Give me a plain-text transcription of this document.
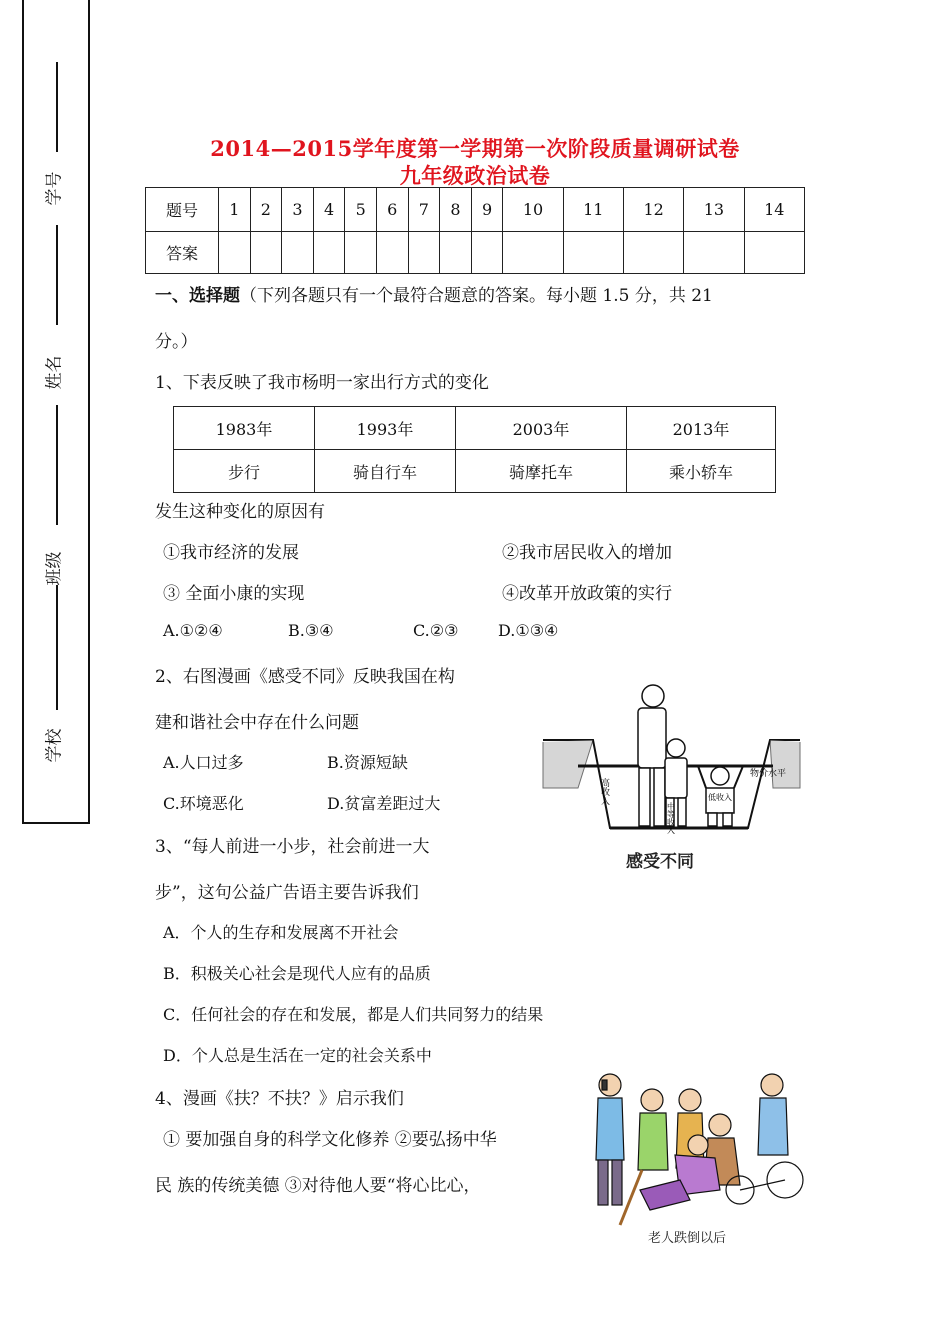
学号
姓名
班级
学校
2014—2015学年度第一学期第一次阶段质量调研试卷
九年级政治试卷
题号	1	2	3	4	5	6	7	8	9	10	11	12	13	14
答案														
一、选择题（下列各题只有一个最符合题意的答案。每小题 1.5 分，共 21
分。）
1、下表反映了我市杨明一家出行方式的变化
1983年	1993年	2003年	2013年
步行	骑自行车	骑摩托车	乘小轿车
发生这种变化的原因有
①我市经济的发展	②我市居民收入的增加
③ 全面小康的实现	④改革开放政策的实行
A.①②④	B.③④	C.②③ D.①③④
2、右图漫画《感受不同》反映我国在构
建和谐社会中存在什么问题
A.人口过多	B.资源短缺
C.环境恶化	D.贫富差距过大	高收入
中等收入
低收入
物价水平
感受不同
3、“每人前进一小步，社会前进一大
步”，这句公益广告语主要告诉我们
A．个人的生存和发展离不开社会
B．积极关心社会是现代人应有的品质
C．任何社会的存在和发展，都是人们共同努力的结果
D．个人总是生活在一定的社会关系中
4、漫画《扶？不扶？》启示我们
① 要加强自身的科学文化修养 ②要弘扬中华
民 族的传统美德 ③对待他人要“将心比心，
老人跌倒以后
